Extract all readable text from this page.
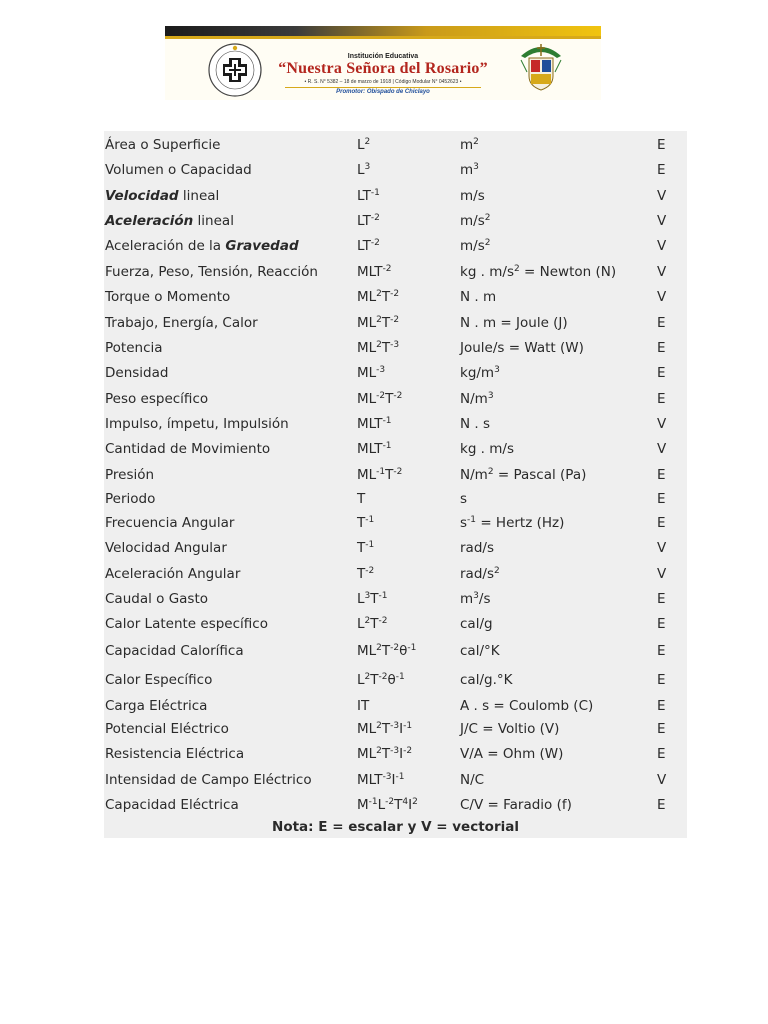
Institución Educativa
“Nuestra Señora del Rosario”
• R. S. N° 5382 – 18 de marzo de 1918 | Código Modular N° 0452623 •
Promotor: Obispado de Chiclayo
Nota: E = escalar y V = vectorial
Área o Superficie	$L^2$	$m^2$	E
Volumen o Capacidad	$L^3$	$m^3$	E
Velocidad lineal	$LT^{-1}$	m/s	V
Aceleración lineal	$LT^{-2}$	$m/s^2$	V
Aceleración de la Gravedad	$LT^{-2}$	$m/s^2$	V
Fuerza, Peso, Tensión, Reacción	$MLT^{-2}$	kg . $m/s^2$ = Newton (N)	V
Torque o Momento	$ML^2T^{-2}$	N . m	V
Trabajo, Energía, Calor	$ML^2T^{-2}$	N . m = Joule (J)	E
Potencia	$ML^2T^{-3}$	Joule/s = Watt (W)	E
Densidad	$ML^{-3}$	$kg/m^3$	E
Peso específico	$ML^{-2}T^{-2}$	$N/m^3$	E
Impulso, ímpetu, Impulsión	$MLT^{-1}$	N . s	V
Cantidad de Movimiento	$MLT^{-1}$	kg . m/s	V
Presión	$ML^{-1}T^{-2}$	$N/m^2$ = Pascal (Pa)	E
Periodo	T	s	E
Frecuencia Angular	$T^{-1}$	$s^{-1}$ = Hertz (Hz)	E
Velocidad Angular	$T^{-1}$	rad/s	V
Aceleración Angular	$T^{-2}$	rad/$s^2$	V
Caudal o Gasto	$L^3T^{-1}$	$m^3/s$	E
Calor Latente específico	$L^2T^{-2}$	cal/g	E
Capacidad Calorífica	$ML^2T^{-2}\theta^{-1}$	cal/°K	E
Calor Específico	$L^2T^{-2}\theta^{-1}$	cal/g.°K	E
Carga Eléctrica	IT	A . s = Coulomb (C)	E
Potencial Eléctrico	$ML^2T^{-3}I^{-1}$	J/C = Voltio (V)	E
Resistencia Eléctrica	$ML^2T^{-3}I^{-2}$	V/A = Ohm (W)	E
Intensidad de Campo Eléctrico	$MLT^{-3}I^{-1}$	N/C	V
Capacidad Eléctrica	$M^{-1}L^{-2}T^4I^2$	C/V = Faradio (f)	E
